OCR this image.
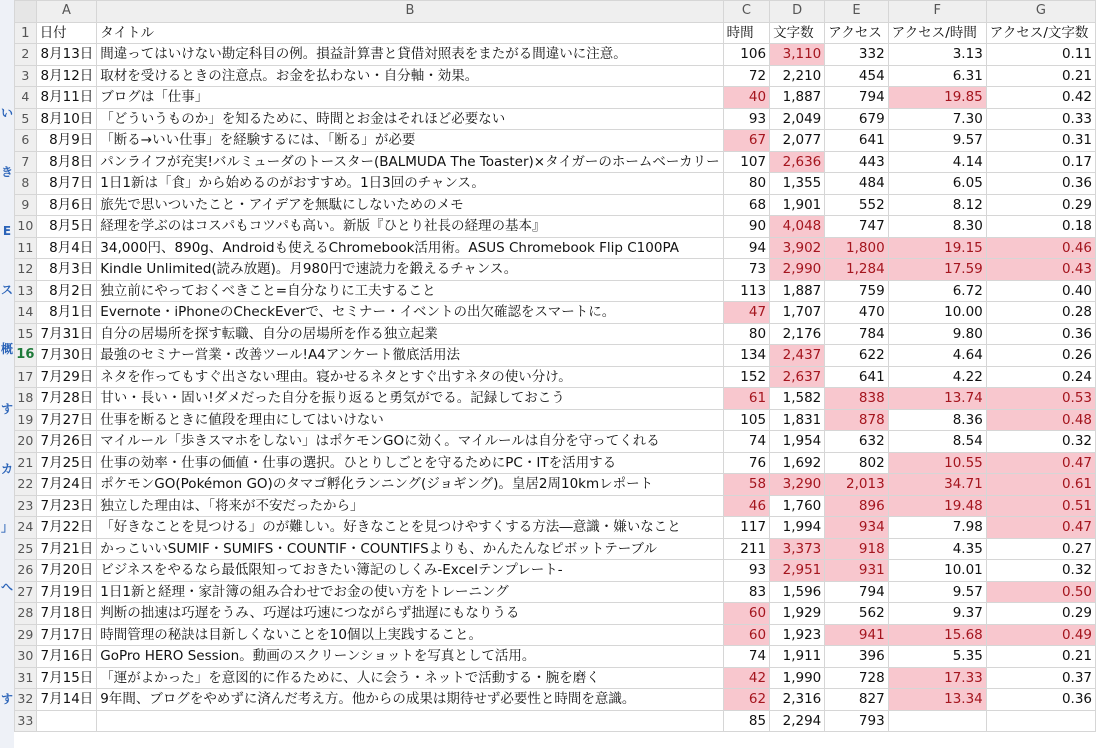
い
き
E
ス
概
す
カ
」
へ
す
	A	B	C	D	E	F	G
1	日付	タイトル	時間	文字数	アクセス	アクセス/時間	アクセス/文字数
2	8月13日	間違ってはいけない勘定科目の例。損益計算書と貸借対照表をまたがる間違いに注意。	106	3,110	332	3.13	0.11
3	8月12日	取材を受けるときの注意点。お金を払わない・自分軸・効果。	72	2,210	454	6.31	0.21
4	8月11日	ブログは「仕事」	40	1,887	794	19.85	0.42
5	8月10日	「どういうものか」を知るために、時間とお金はそれほど必要ない	93	2,049	679	7.30	0.33
6	8月9日	「断る→いい仕事」を経験するには、「断る」が必要	67	2,077	641	9.57	0.31
7	8月8日	パンライフが充実!バルミューダのトースター(BALMUDA The Toaster)×タイガーのホームベーカリー	107	2,636	443	4.14	0.17
8	8月7日	1日1新は「食」から始めるのがおすすめ。1日3回のチャンス。	80	1,355	484	6.05	0.36
9	8月6日	旅先で思いついたこと・アイデアを無駄にしないためのメモ	68	1,901	552	8.12	0.29
10	8月5日	経理を学ぶのはコスパもコツパも高い。新版『ひとり社長の経理の基本』	90	4,048	747	8.30	0.18
11	8月4日	34,000円、890g、Androidも使えるChromebook活用術。ASUS Chromebook Flip C100PA	94	3,902	1,800	19.15	0.46
12	8月3日	Kindle Unlimited(読み放題)。月980円で速読力を鍛えるチャンス。	73	2,990	1,284	17.59	0.43
13	8月2日	独立前にやっておくべきこと=自分なりに工夫すること	113	1,887	759	6.72	0.40
14	8月1日	Evernote・iPhoneのCheckEverで、セミナー・イベントの出欠確認をスマートに。	47	1,707	470	10.00	0.28
15	7月31日	自分の居場所を探す転職、自分の居場所を作る独立起業	80	2,176	784	9.80	0.36
16	7月30日	最強のセミナー営業・改善ツール!A4アンケート徹底活用法	134	2,437	622	4.64	0.26
17	7月29日	ネタを作ってもすぐ出さない理由。寝かせるネタとすぐ出すネタの使い分け。	152	2,637	641	4.22	0.24
18	7月28日	甘い・長い・固い!ダメだった自分を振り返ると勇気がでる。記録しておこう	61	1,582	838	13.74	0.53
19	7月27日	仕事を断るときに値段を理由にしてはいけない	105	1,831	878	8.36	0.48
20	7月26日	マイルール「歩きスマホをしない」はポケモンGOに効く。マイルールは自分を守ってくれる	74	1,954	632	8.54	0.32
21	7月25日	仕事の効率・仕事の価値・仕事の選択。ひとりしごとを守るためにPC・ITを活用する	76	1,692	802	10.55	0.47
22	7月24日	ポケモンGO(Pokémon GO)のタマゴ孵化ランニング(ジョギング)。皇居2周10kmレポート	58	3,290	2,013	34.71	0.61
23	7月23日	独立した理由は、「将来が不安だったから」	46	1,760	896	19.48	0.51
24	7月22日	「好きなことを見つける」のが難しい。好きなことを見つけやすくする方法―意識・嫌いなこと	117	1,994	934	7.98	0.47
25	7月21日	かっこいいSUMIF・SUMIFS・COUNTIF・COUNTIFSよりも、かんたんなピボットテーブル	211	3,373	918	4.35	0.27
26	7月20日	ビジネスをやるなら最低限知っておきたい簿記のしくみ-Excelテンプレート-	93	2,951	931	10.01	0.32
27	7月19日	1日1新と経理・家計簿の組み合わせでお金の使い方をトレーニング	83	1,596	794	9.57	0.50
28	7月18日	判断の拙速は巧遅をうみ、巧遅は巧速につながらず拙遅にもなりうる	60	1,929	562	9.37	0.29
29	7月17日	時間管理の秘訣は目新しくないことを10個以上実践すること。	60	1,923	941	15.68	0.49
30	7月16日	GoPro HERO Session。動画のスクリーンショットを写真として活用。	74	1,911	396	5.35	0.21
31	7月15日	「運がよかった」を意図的に作るために、人に会う・ネットで活動する・腕を磨く	42	1,990	728	17.33	0.37
32	7月14日	9年間、ブログをやめずに済んだ考え方。他からの成果は期待せず必要性と時間を意識。	62	2,316	827	13.34	0.36
33			85	2,294	793		
